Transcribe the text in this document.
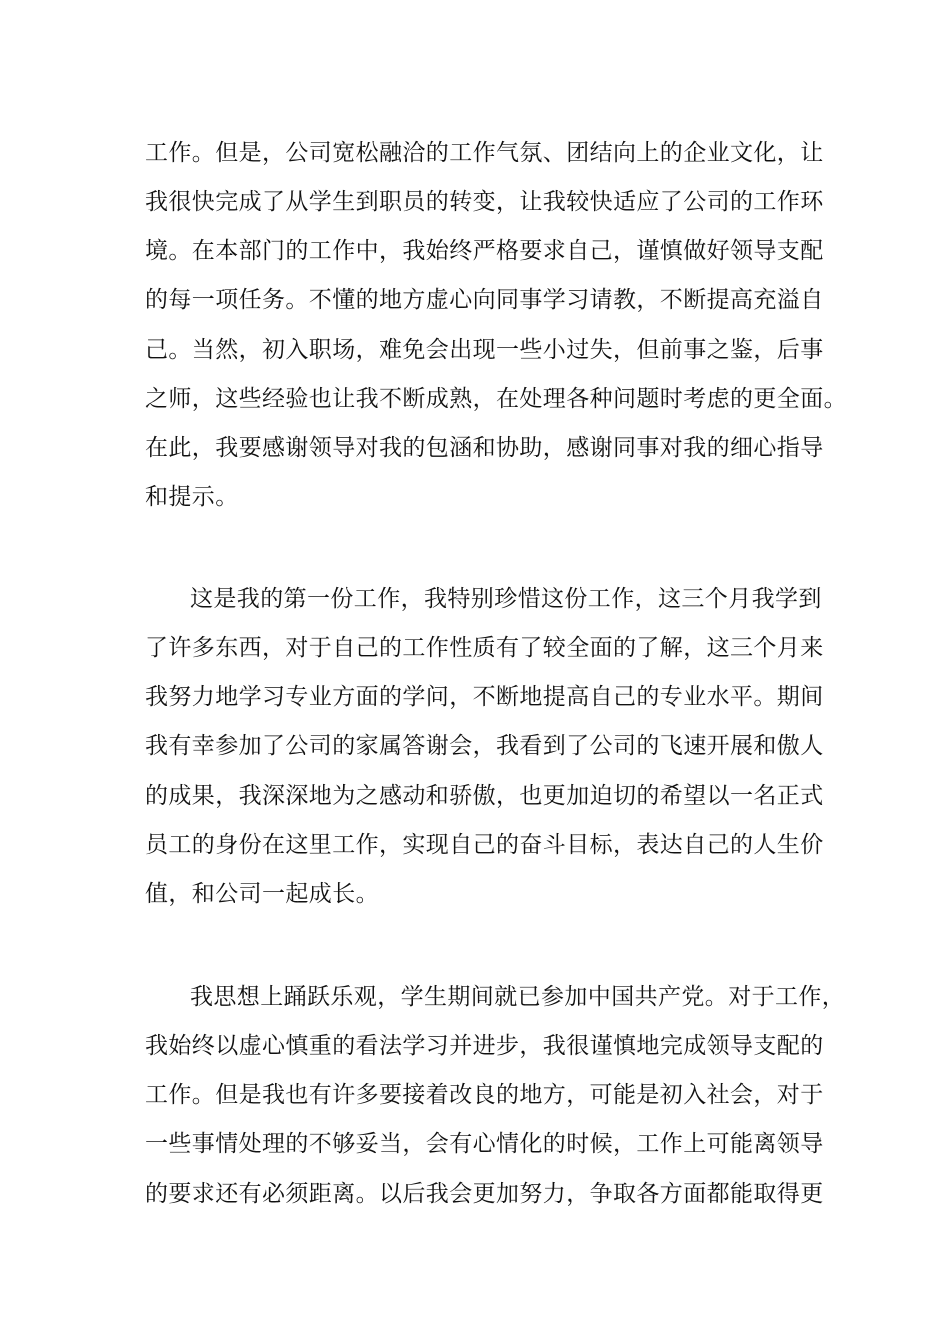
工作。但是，公司宽松融洽的工作气氛、团结向上的企业文化，让
我很快完成了从学生到职员的转变，让我较快适应了公司的工作环
境。在本部门的工作中，我始终严格要求自己，谨慎做好领导支配
的每一项任务。不懂的地方虚心向同事学习请教，不断提高充溢自
己。当然，初入职场，难免会出现一些小过失，但前事之鉴，后事
之师，这些经验也让我不断成熟，在处理各种问题时考虑的更全面。
在此，我要感谢领导对我的包涵和协助，感谢同事对我的细心指导
和提示。
这是我的第一份工作，我特别珍惜这份工作，这三个月我学到
了许多东西，对于自己的工作性质有了较全面的了解，这三个月来
我努力地学习专业方面的学问，不断地提高自己的专业水平。期间
我有幸参加了公司的家属答谢会，我看到了公司的飞速开展和傲人
的成果，我深深地为之感动和骄傲，也更加迫切的希望以一名正式
员工的身份在这里工作，实现自己的奋斗目标，表达自己的人生价
值，和公司一起成长。
我思想上踊跃乐观，学生期间就已参加中国共产党。对于工作，
我始终以虚心慎重的看法学习并进步，我很谨慎地完成领导支配的
工作。但是我也有许多要接着改良的地方，可能是初入社会，对于
一些事情处理的不够妥当，会有心情化的时候，工作上可能离领导
的要求还有必须距离。以后我会更加努力，争取各方面都能取得更
